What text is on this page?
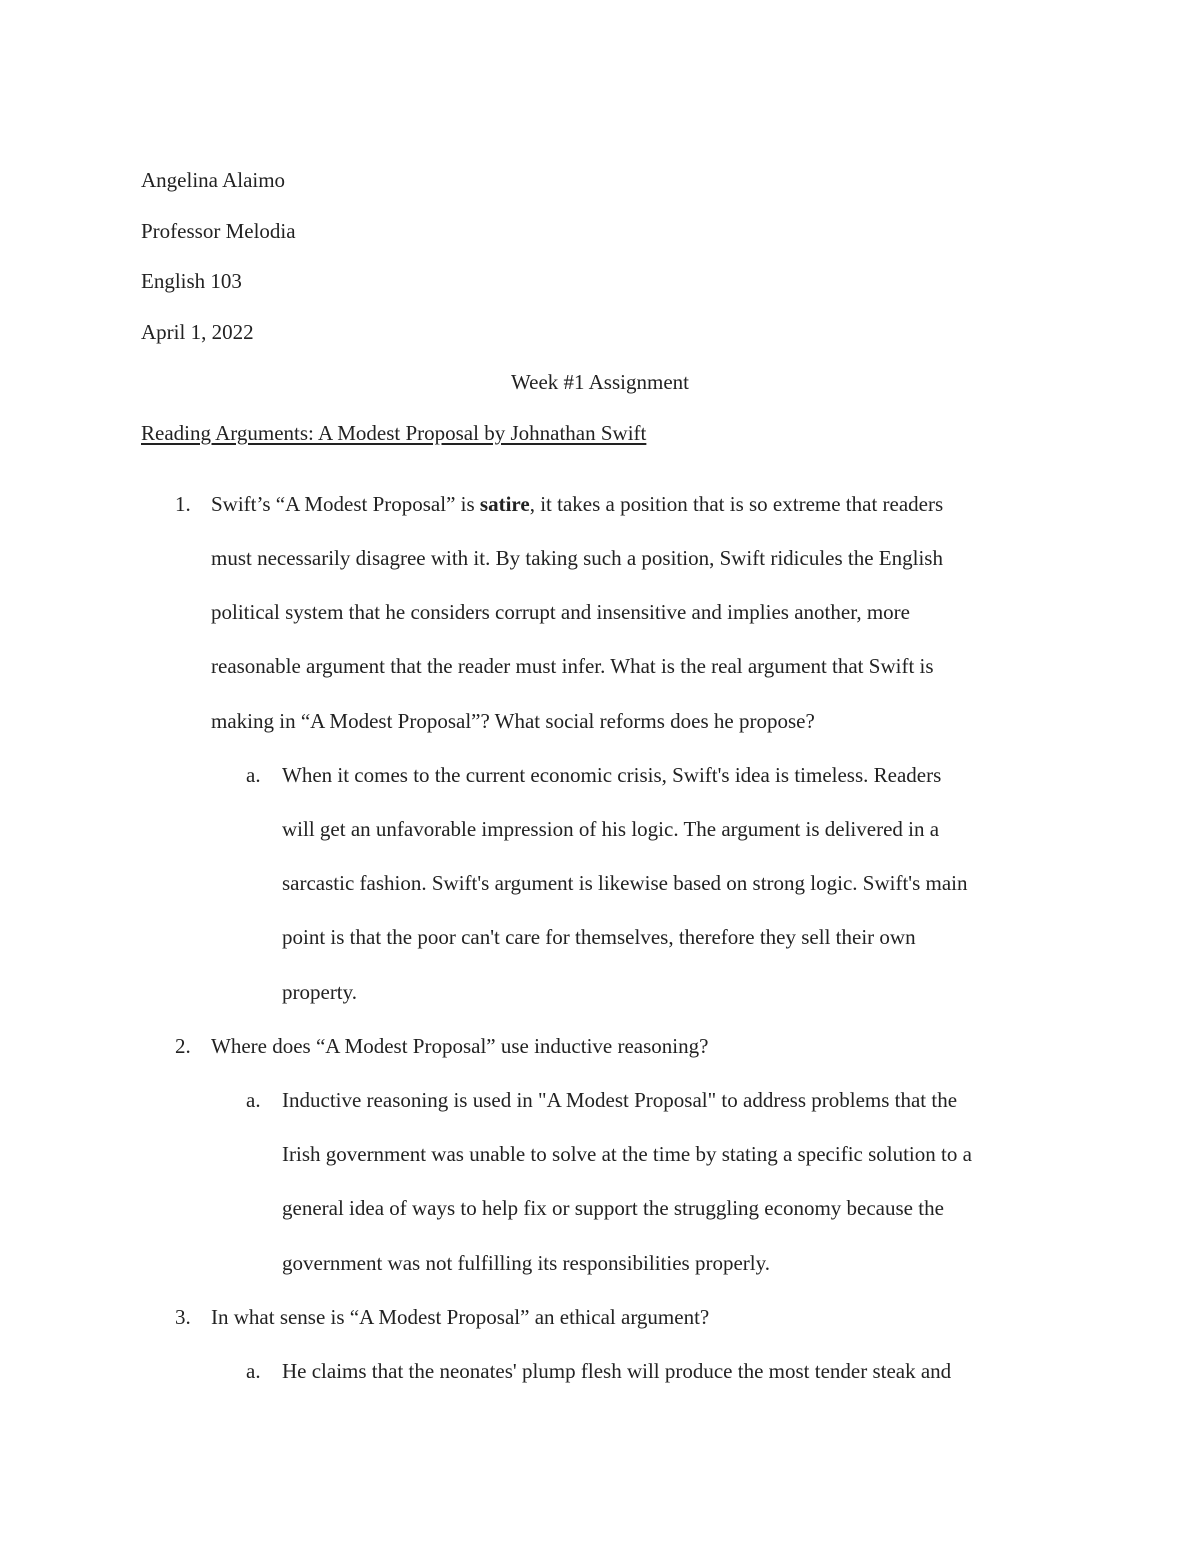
Angelina Alaimo
Professor Melodia
English 103
April 1, 2022
Week #1 Assignment
Reading Arguments: A Modest Proposal by Johnathan Swift
1. Swift’s “A Modest Proposal” is satire, it takes a position that is so extreme that readers
must necessarily disagree with it. By taking such a position, Swift ridicules the English
political system that he considers corrupt and insensitive and implies another, more
reasonable argument that the reader must infer. What is the real argument that Swift is
making in “A Modest Proposal”? What social reforms does he propose?
a. When it comes to the current economic crisis, Swift's idea is timeless. Readers
will get an unfavorable impression of his logic. The argument is delivered in a
sarcastic fashion. Swift's argument is likewise based on strong logic. Swift's main
point is that the poor can't care for themselves, therefore they sell their own
property.
2. Where does “A Modest Proposal” use inductive reasoning?
a. Inductive reasoning is used in "A Modest Proposal" to address problems that the
Irish government was unable to solve at the time by stating a specific solution to a
general idea of ways to help fix or support the struggling economy because the
government was not fulfilling its responsibilities properly.
3. In what sense is “A Modest Proposal” an ethical argument?
a. He claims that the neonates' plump flesh will produce the most tender steak and
